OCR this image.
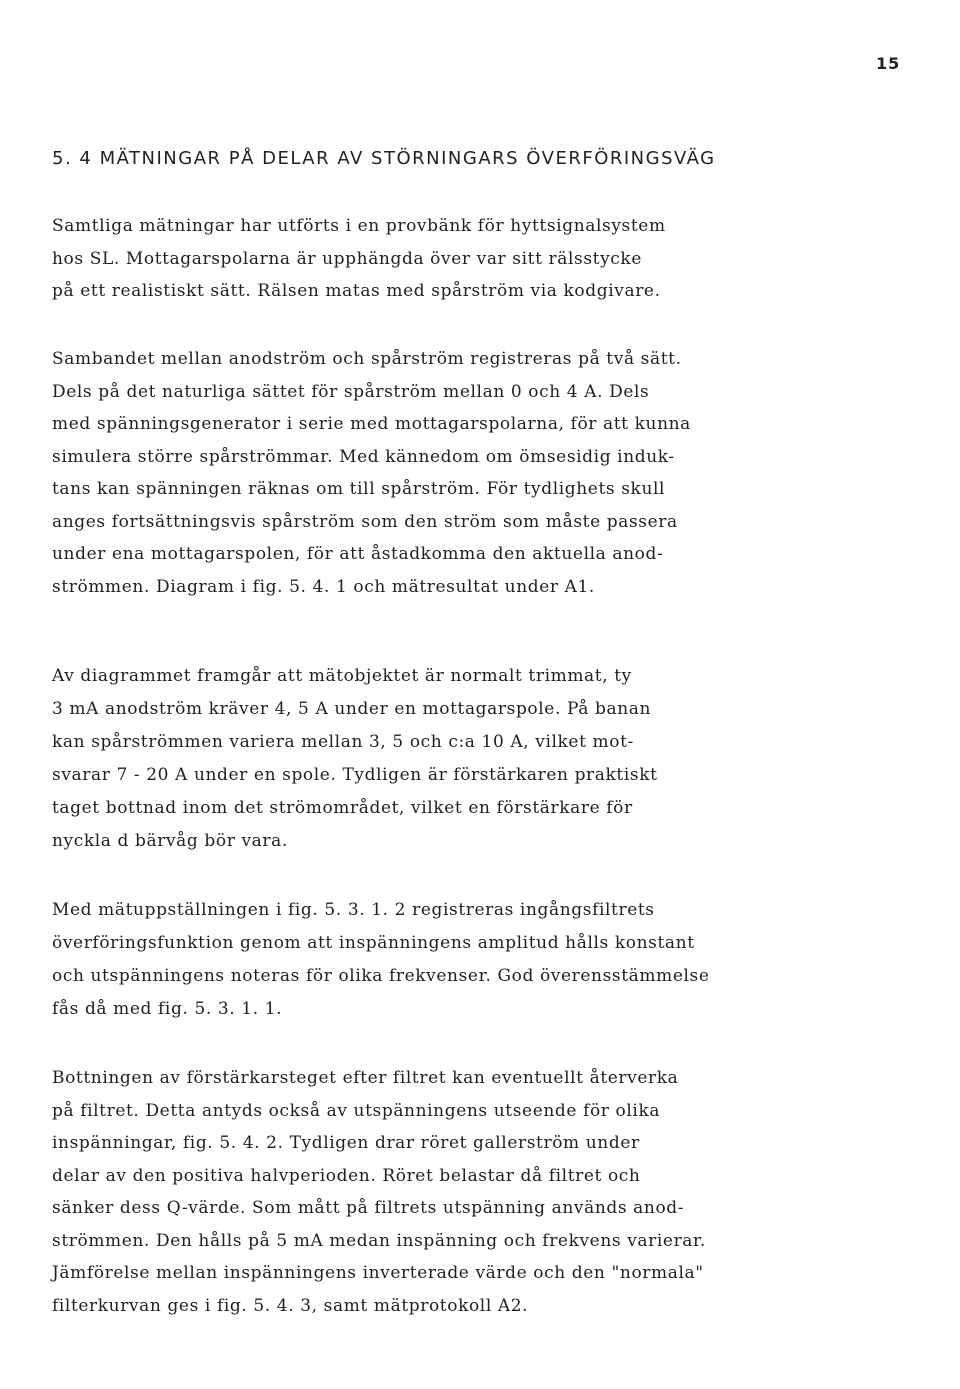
15
5. 4 MÄTNINGAR PÅ DELAR AV STÖRNINGARS ÖVERFÖRINGSVÄG
Samtliga mätningar har utförts i en provbänk för hyttsignalsystem
hos SL. Mottagarspolarna är upphängda över var sitt rälsstycke
på ett realistiskt sätt. Rälsen matas med spårström via kodgivare.
Sambandet mellan anodström och spårström registreras på två sätt.
Dels på det naturliga sättet för spårström mellan 0 och 4 A. Dels
med spänningsgenerator i serie med mottagarspolarna, för att kunna
simulera större spårströmmar. Med kännedom om ömsesidig induk-
tans kan spänningen räknas om till spårström. För tydlighets skull
anges fortsättningsvis spårström som den ström som måste passera
under ena mottagarspolen, för att åstadkomma den aktuella anod-
strömmen. Diagram i fig. 5. 4. 1 och mätresultat under A1.
Av diagrammet framgår att mätobjektet är normalt trimmat, ty
3 mA anodström kräver 4, 5 A under en mottagarspole. På banan
kan spårströmmen variera mellan 3, 5 och c:a 10 A, vilket mot-
svarar 7 - 20 A under en spole. Tydligen är förstärkaren praktiskt
taget bottnad inom det strömområdet, vilket en förstärkare för
nyckla d bärvåg bör vara.
Med mätuppställningen i fig. 5. 3. 1. 2 registreras ingångsfiltrets
överföringsfunktion genom att inspänningens amplitud hålls konstant
och utspänningens noteras för olika frekvenser. God överensstämmelse
fås då med fig. 5. 3. 1. 1.
Bottningen av förstärkarsteget efter filtret kan eventuellt återverka
på filtret. Detta antyds också av utspänningens utseende för olika
inspänningar, fig. 5. 4. 2. Tydligen drar röret gallerström under
delar av den positiva halvperioden. Röret belastar då filtret och
sänker dess Q-värde. Som mått på filtrets utspänning används anod-
strömmen. Den hålls på 5 mA medan inspänning och frekvens varierar.
Jämförelse mellan inspänningens inverterade värde och den "normala"
filterkurvan ges i fig. 5. 4. 3, samt mätprotokoll A2.
